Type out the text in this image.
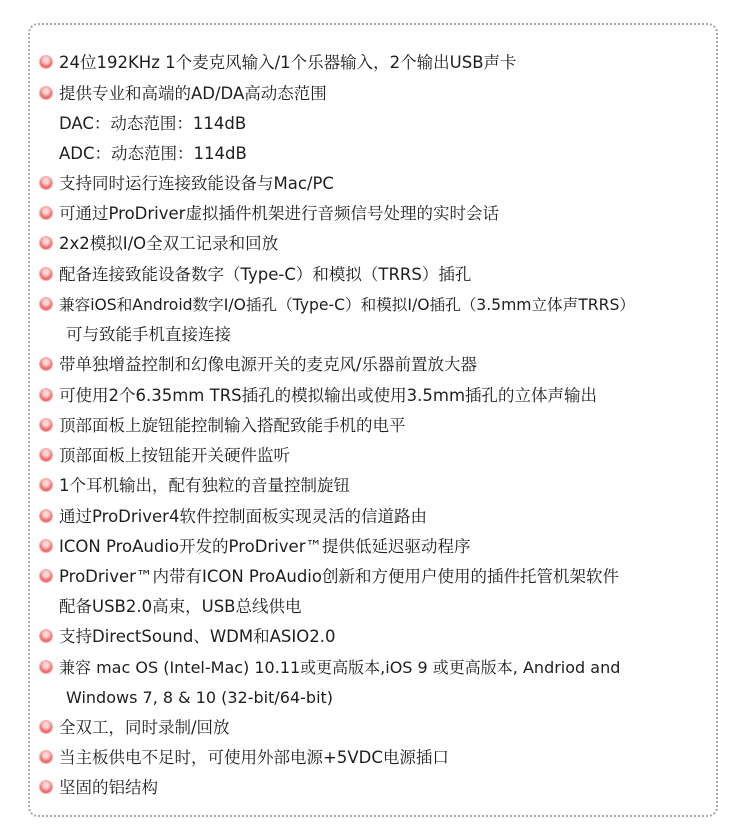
24位192KHz 1个麦克风输入/1个乐器输入，2个输出USB声卡
提供专业和高端的AD/DA高动态范围
DAC：动态范围：114dB
ADC：动态范围：114dB
支持同时运行连接致能设备与Mac/PC
可通过ProDriver虚拟插件机架进行音频信号处理的实时会话
2x2模拟I/O全双工记录和回放
配备连接致能设备数字（Type-C）和模拟（TRRS）插孔
兼容iOS和Android数字I/O插孔（Type-C）和模拟I/O插孔（3.5mm立体声TRRS）
可与致能手机直接连接
带单独增益控制和幻像电源开关的麦克风/乐器前置放大器
可使用2个6.35mm TRS插孔的模拟输出或使用3.5mm插孔的立体声输出
顶部面板上旋钮能控制输入搭配致能手机的电平
顶部面板上按钮能开关硬件监听
1个耳机输出，配有独粒的音量控制旋钮
通过ProDriver4软件控制面板实现灵活的信道路由
ICON ProAudio开发的ProDriver™提供低延迟驱动程序
ProDriver™内带有ICON ProAudio创新和方便用户使用的插件托管机架软件
配备USB2.0高束，USB总线供电
支持DirectSound、WDM和ASIO2.0
兼容 mac OS (Intel-Mac) 10.11或更高版本,iOS 9 或更高版本, Andriod and
Windows 7, 8 & 10 (32-bit/64-bit)
全双工，同时录制/回放
当主板供电不足时，可使用外部电源+5VDC电源插口
坚固的铝结构
